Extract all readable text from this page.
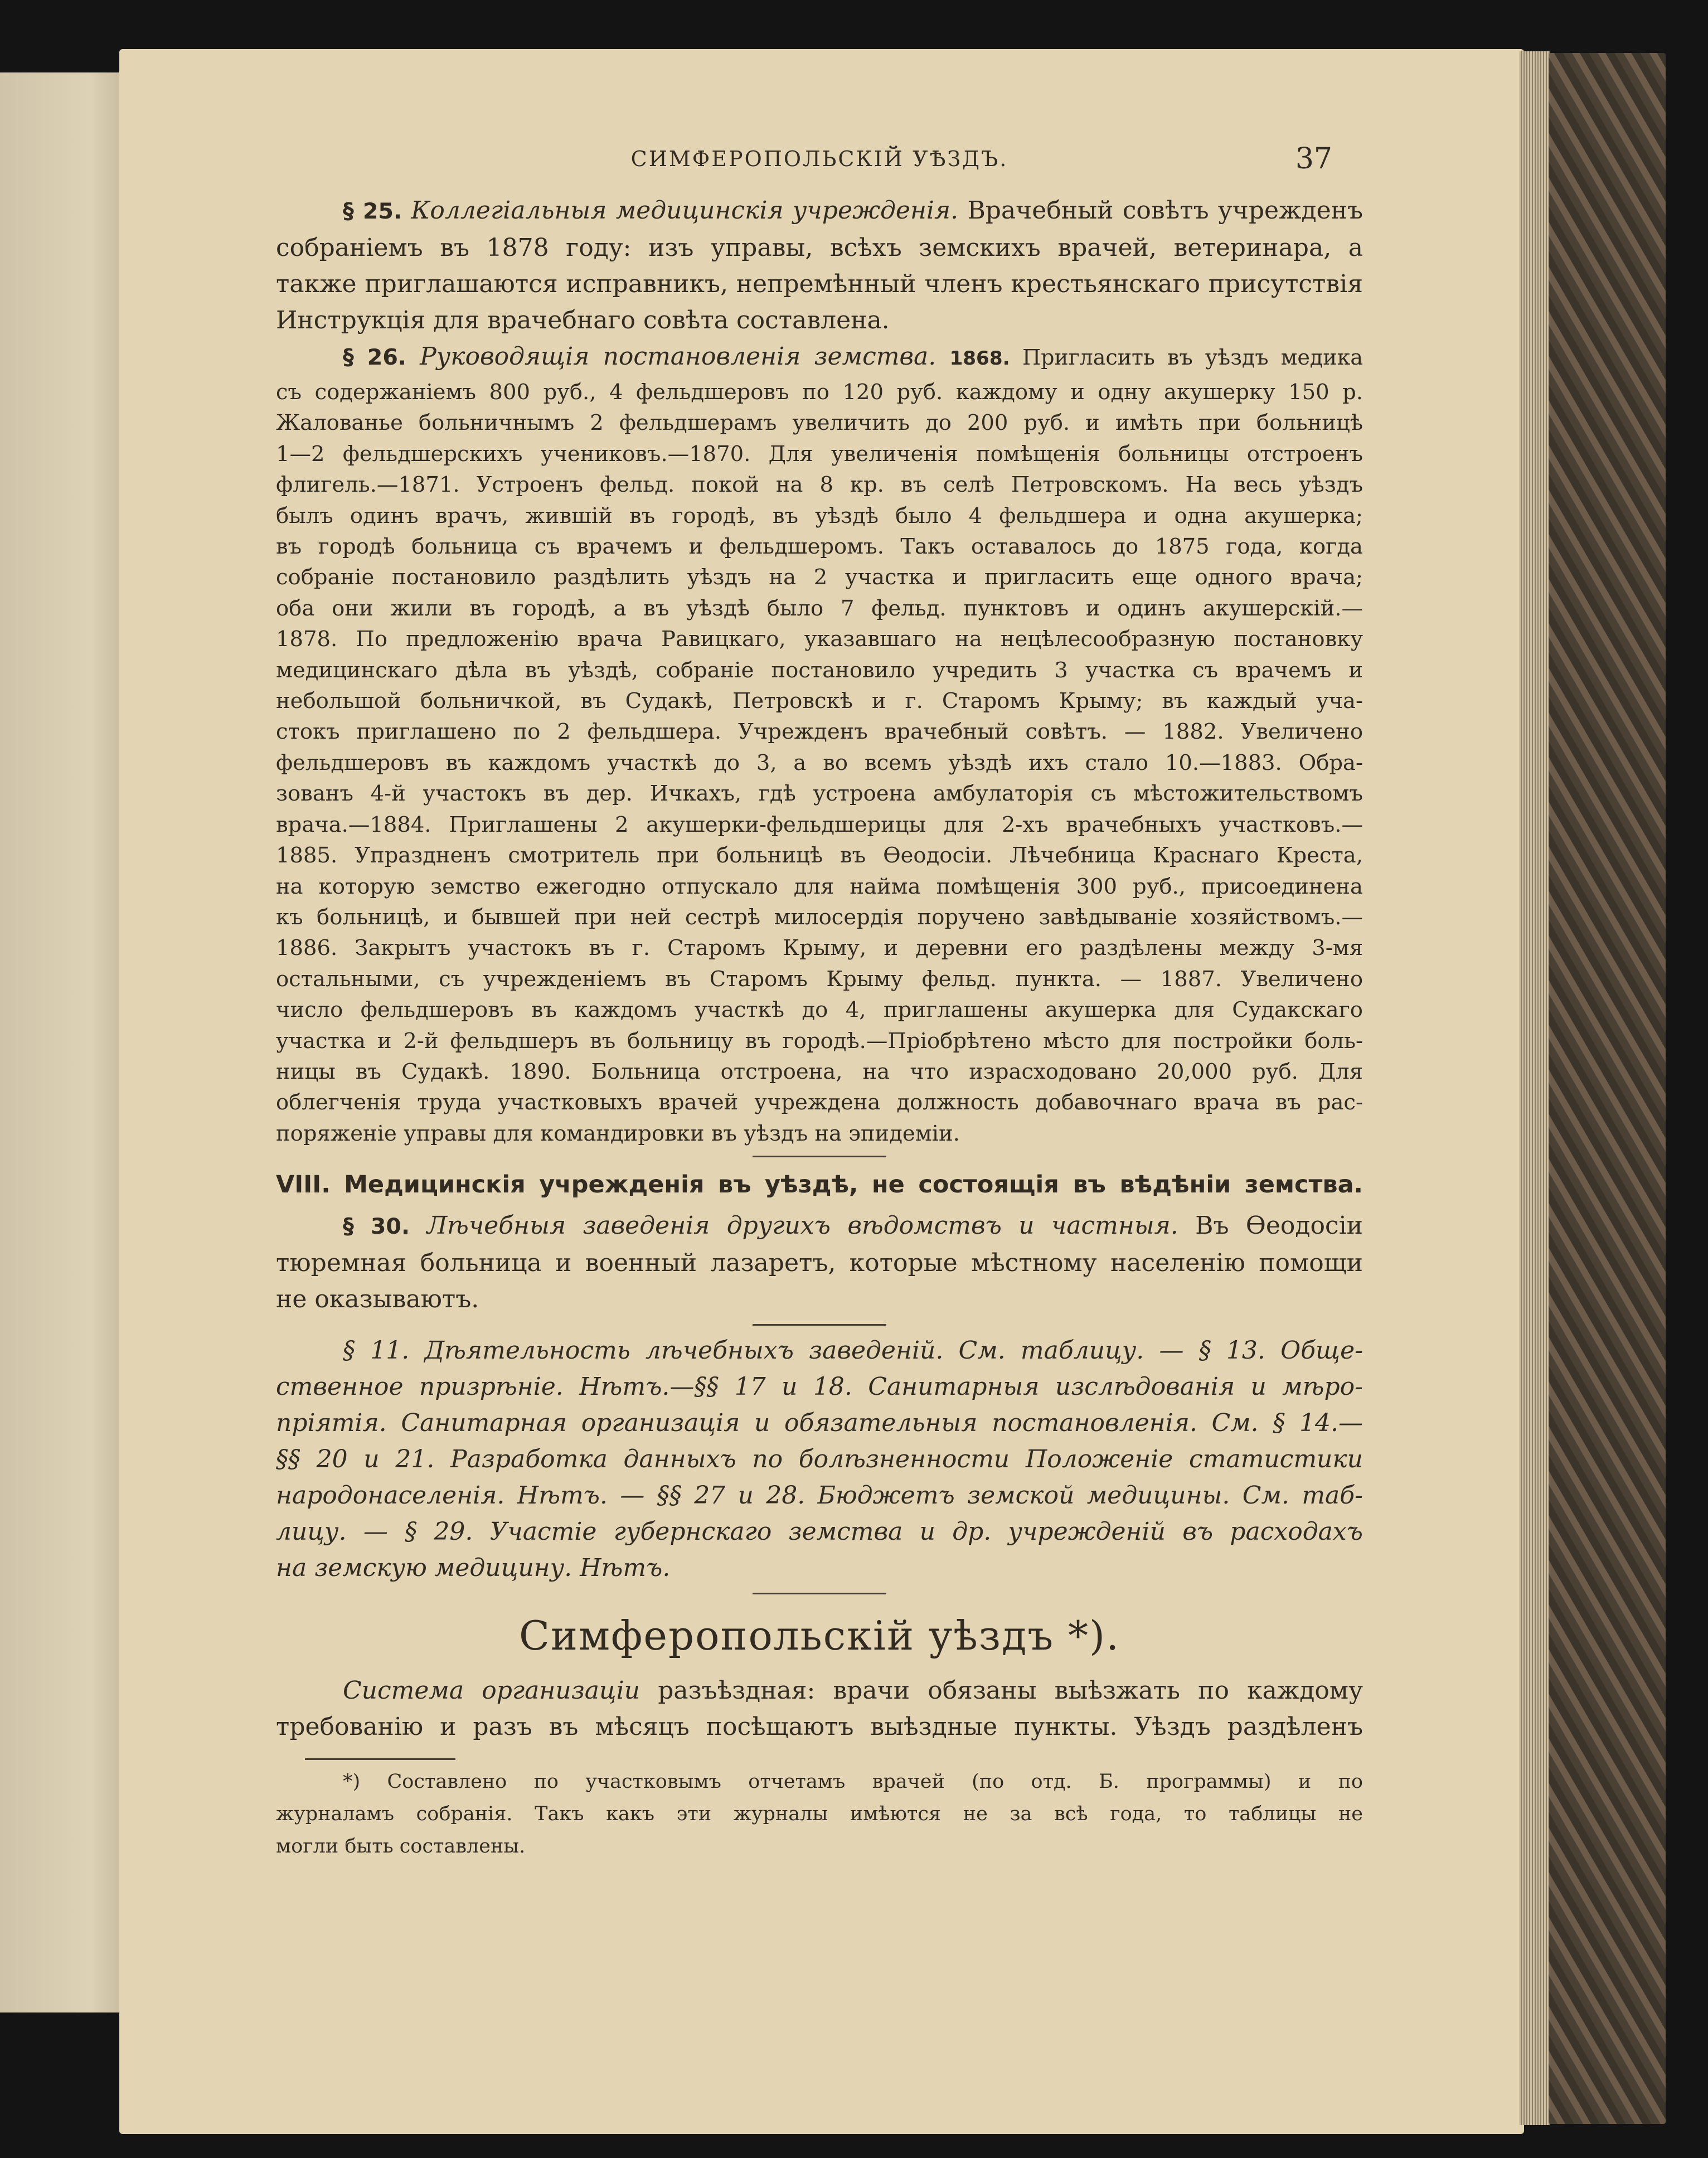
СИМФЕРОПОЛЬСКІЙ УѢЗДЪ.	37

§ 25. Коллегіальныя медицинскія учрежденія. Врачебный совѣтъ учрежденъ

собраніемъ въ 1878 году: изъ управы, всѣхъ земскихъ врачей, ветеринара, а

также приглашаются исправникъ, непремѣнный членъ крестьянскаго присутствія

Инструкція для врачебнаго совѣта составлена.

§ 26. Руководящія постановленія земства. 1868. Пригласить въ уѣздъ медика

съ содержаніемъ 800 руб., 4 фельдшеровъ по 120 руб. каждому и одну акушерку 150 р.

Жалованье больничнымъ 2 фельдшерамъ увеличить до 200 руб. и имѣть при больницѣ

1—2 фельдшерскихъ учениковъ.—1870. Для увеличенія помѣщенія больницы отстроенъ

флигель.—1871. Устроенъ фельд. покой на 8 кр. въ селѣ Петровскомъ. На весь уѣздъ

былъ одинъ врачъ, жившій въ городѣ, въ уѣздѣ было 4 фельдшера и одна акушерка;

въ городѣ больница съ врачемъ и фельдшеромъ. Такъ оставалось до 1875 года, когда

собраніе постановило раздѣлить уѣздъ на 2 участка и пригласить еще одного врача;

оба они жили въ городѣ, а въ уѣздѣ было 7 фельд. пунктовъ и одинъ акушерскій.—

1878. По предложенію врача Равицкаго, указавшаго на нецѣлесообразную постановку

медицинскаго дѣла въ уѣздѣ, собраніе постановило учредить 3 участка съ врачемъ и

небольшой больничкой, въ Судакѣ, Петровскѣ и г. Старомъ Крыму; въ каждый уча-

стокъ приглашено по 2 фельдшера. Учрежденъ врачебный совѣтъ. — 1882. Увеличено

фельдшеровъ въ каждомъ участкѣ до 3, а во всемъ уѣздѣ ихъ стало 10.—1883. Обра-

зованъ 4-й участокъ въ дер. Ичкахъ, гдѣ устроена амбулаторія съ мѣстожительствомъ

врача.—1884. Приглашены 2 акушерки-фельдшерицы для 2-хъ врачебныхъ участковъ.—

1885. Упраздненъ смотритель при больницѣ въ Ѳеодосіи. Лѣчебница Краснаго Креста,

на которую земство ежегодно отпускало для найма помѣщенія 300 руб., присоединена

къ больницѣ, и бывшей при ней сестрѣ милосердія поручено завѣдываніе хозяйствомъ.—

1886. Закрытъ участокъ въ г. Старомъ Крыму, и деревни его раздѣлены между 3-мя

остальными, съ учрежденіемъ въ Старомъ Крыму фельд. пункта. — 1887. Увеличено

число фельдшеровъ въ каждомъ участкѣ до 4, приглашены акушерка для Судакскаго

участка и 2-й фельдшеръ въ больницу въ городѣ.—Пріобрѣтено мѣсто для постройки боль-

ницы въ Судакѣ. 1890. Больница отстроена, на что израсходовано 20,000 руб. Для

облегченія труда участковыхъ врачей учреждена должность добавочнаго врача въ рас-

поряженіе управы для командировки въ уѣздъ на эпидеміи.

VIII. Медицинскія учрежденія въ уѣздѣ, не состоящія въ вѣдѣніи земства.

§ 30. Лѣчебныя заведенія другихъ вѣдомствъ и частныя. Въ Ѳеодосіи

тюремная больница и военный лазаретъ, которые мѣстному населенію помощи

не оказываютъ.

§ 11. Дѣятельность лѣчебныхъ заведеній. См. таблицу. — § 13. Обще-

ственное призрѣніе. Нѣтъ.—§§ 17 и 18. Санитарныя изслѣдованія и мѣро-

пріятія. Санитарная организація и обязательныя постановленія. См. § 14.—

§§ 20 и 21. Разработка данныхъ по болѣзненности Положеніе статистики

народонаселенія. Нѣтъ. — §§ 27 и 28. Бюджетъ земской медицины. См. таб-

лицу. — § 29. Участіе губернскаго земства и др. учрежденій въ расходахъ

на земскую медицину. Нѣтъ.

Симферопольскій уѣздъ *).

Система организаціи разъѣздная: врачи обязаны выѣзжать по каждому

требованію и разъ въ мѣсяцъ посѣщаютъ выѣздные пункты. Уѣздъ раздѣленъ

*) Составлено по участковымъ отчетамъ врачей (по отд. Б. программы) и по

журналамъ собранія. Такъ какъ эти журналы имѣются не за всѣ года, то таблицы не

могли быть составлены.
